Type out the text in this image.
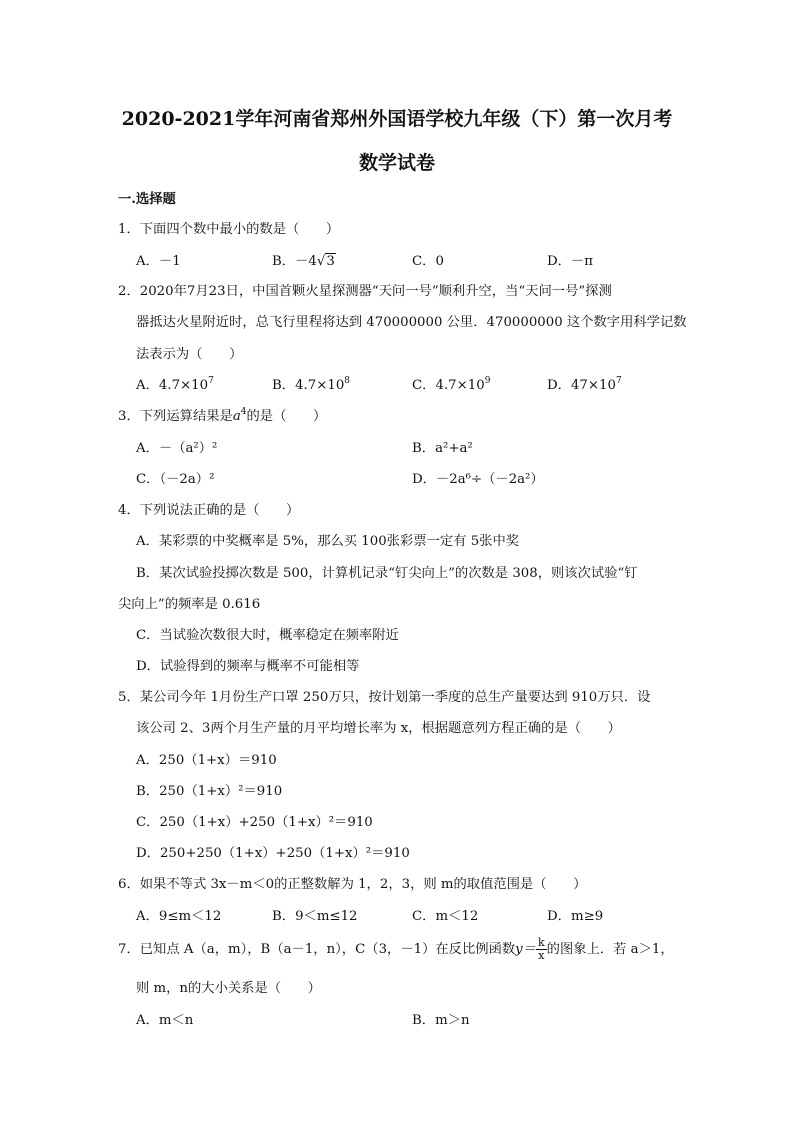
2020-2021学年河南省郑州外国语学校九年级（下）第一次月考
数学试卷
一.选择题
1．下面四个数中最小的数是（　　）
A．－1	B．－4√3	C．0	D．－π
2．2020年7月23日，中国首颗火星探测器“天问一号”顺利升空，当“天问一号”探测
器抵达火星附近时，总飞行里程将达到 470000000 公里．470000000 这个数字用科学记数
法表示为（　　）
A．$4.7\times 10^7$	B．$4.7\times 10^8$	C．$4.7\times 10^9$	D．$47\times 10^7$
3．下列运算结果是$a^4$的是（　　）
A．－（a²）²	B．a²+a²
C．（－2a）²	D．－2a⁶÷（－2a²）
4．下列说法正确的是（　　）
A．某彩票的中奖概率是 5%，那么买 100张彩票一定有 5张中奖
B．某次试验投掷次数是 500，计算机记录“钉尖向上”的次数是 308，则该次试验“钉
尖向上”的频率是 0.616
C．当试验次数很大时，概率稳定在频率附近
D．试验得到的频率与概率不可能相等
5．某公司今年 1月份生产口罩 250万只，按计划第一季度的总生产量要达到 910万只．设
该公司 2、3两个月生产量的月平均增长率为 x，根据题意列方程正确的是（　　）
A．250（1+x）＝910
B．250（1+x）²＝910
C．250（1+x）+250（1+x）²＝910
D．250+250（1+x）+250（1+x）²＝910
6．如果不等式 3x－m＜0的正整数解为 1，2，3，则 m的取值范围是（　　）
A．9≤m＜12	B．9＜m≤12	C．m＜12	D．m≥9
7．已知点 A（a，m），B（a－1，n），C（3，－1）在反比例函数$y= \frac{k}{x}$ 的图象上．若 a＞1，
则 m，n的大小关系是（　　）
A．m＜n	B．m＞n
